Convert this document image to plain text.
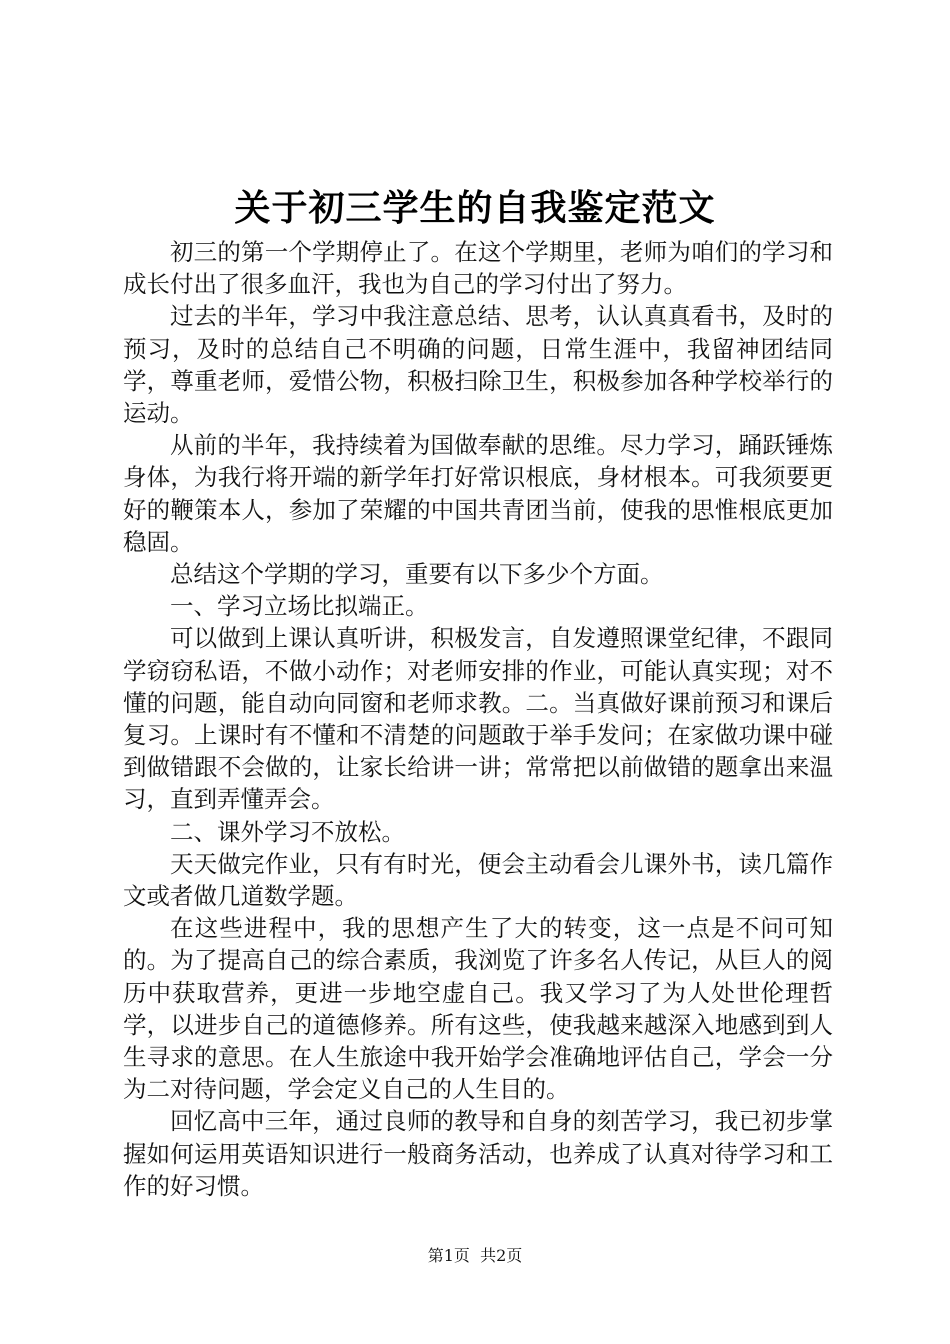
关于初三学生的自我鉴定范文

初三的第一个学期停止了。在这个学期里，老师为咱们的学习和成长付出了很多血汗，我也为自己的学习付出了努力。

过去的半年，学习中我注意总结、思考，认认真真看书，及时的预习，及时的总结自己不明确的问题，日常生涯中，我留神团结同学，尊重老师，爱惜公物，积极扫除卫生，积极参加各种学校举行的运动。

从前的半年，我持续着为国做奉献的思维。尽力学习，踊跃锤炼身体，为我行将开端的新学年打好常识根底，身材根本。可我须要更好的鞭策本人，参加了荣耀的中国共青团当前，使我的思惟根底更加稳固。

总结这个学期的学习，重要有以下多少个方面。

一、学习立场比拟端正。

可以做到上课认真听讲，积极发言，自发遵照课堂纪律，不跟同学窃窃私语，不做小动作；对老师安排的作业，可能认真实现；对不懂的问题，能自动向同窗和老师求教。二。当真做好课前预习和课后复习。上课时有不懂和不清楚的问题敢于举手发问；在家做功课中碰到做错跟不会做的，让家长给讲一讲；常常把以前做错的题拿出来温习，直到弄懂弄会。

二、课外学习不放松。

天天做完作业，只有有时光，便会主动看会儿课外书，读几篇作文或者做几道数学题。

在这些进程中，我的思想产生了大的转变，这一点是不问可知的。为了提高自己的综合素质，我浏览了许多名人传记，从巨人的阅历中获取营养，更进一步地空虚自己。我又学习了为人处世伦理哲学，以进步自己的道德修养。所有这些，使我越来越深入地感到到人生寻求的意思。在人生旅途中我开始学会准确地评估自己，学会一分为二对待问题，学会定义自己的人生目的。

回忆高中三年，通过良师的教导和自身的刻苦学习，我已初步掌握如何运用英语知识进行一般商务活动，也养成了认真对待学习和工作的好习惯。

第1页 共2页
